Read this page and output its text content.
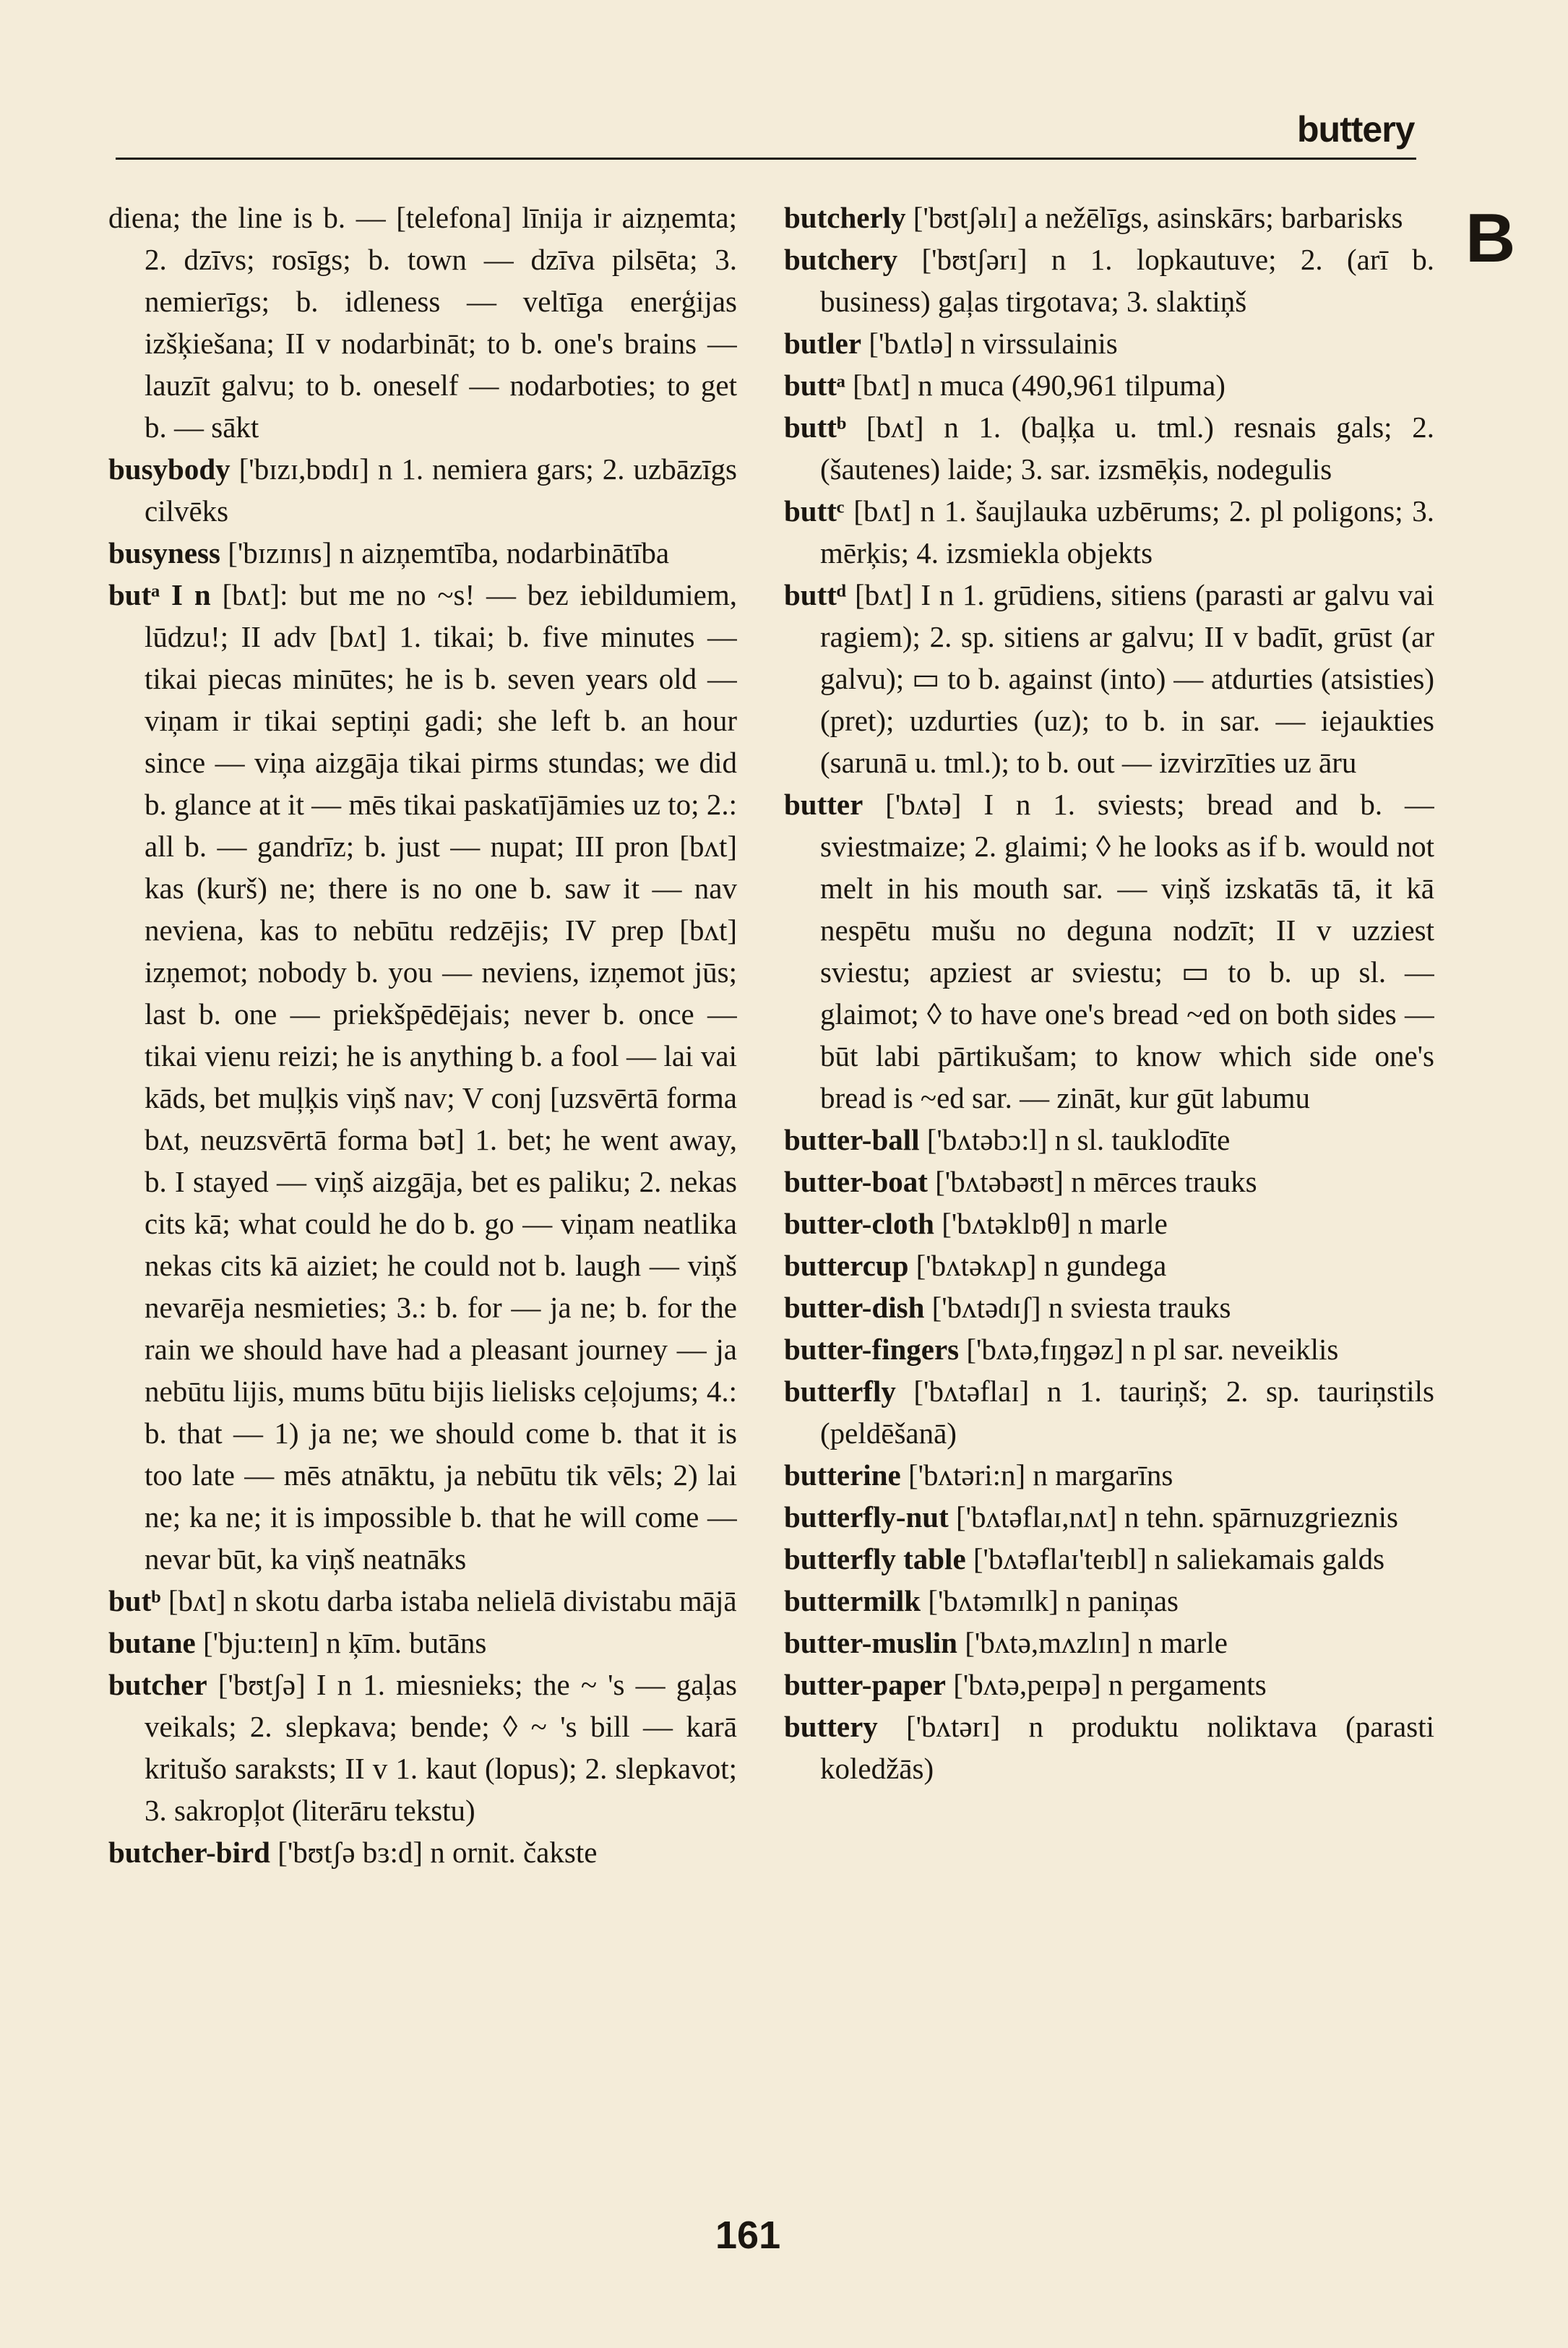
buttery
B

diena; the line is b. — [telefona] līnija ir aizņemta; 2. dzīvs; rosīgs; b. town — dzīva pilsēta; 3. nemierīgs; b. idleness — veltīga enerģijas izšķiešana; II v nodarbināt; to b. one's brains — lauzīt galvu; to b. oneself — nodarboties; to get b. — sākt

busybody ['bɪzɪ,bɒdɪ] n 1. nemiera gars; 2. uzbāzīgs cilvēks

busyness ['bɪzɪnɪs] n aizņemtība, nodarbinātība

butᵃ I n [bʌt]: but me no ~s! — bez iebildumiem, lūdzu!; II adv [bʌt] 1. tikai; b. five minutes — tikai piecas minūtes; he is b. seven years old — viņam ir tikai septiņi gadi; she left b. an hour since — viņa aizgāja tikai pirms stundas; we did b. glance at it — mēs tikai paskatījāmies uz to; 2.: all b. — gandrīz; b. just — nupat; III pron [bʌt] kas (kurš) ne; there is no one b. saw it — nav neviena, kas to nebūtu redzējis; IV prep [bʌt] izņemot; nobody b. you — neviens, izņemot jūs; last b. one — priekšpēdējais; never b. once — tikai vienu reizi; he is anything b. a fool — lai vai kāds, bet muļķis viņš nav; V conj [uzsvērtā forma bʌt, neuzsvērtā forma bət] 1. bet; he went away, b. I stayed — viņš aizgāja, bet es paliku; 2. nekas cits kā; what could he do b. go — viņam neatlika nekas cits kā aiziet; he could not b. laugh — viņš nevarēja nesmieties; 3.: b. for — ja ne; b. for the rain we should have had a pleasant journey — ja nebūtu lijis, mums būtu bijis lielisks ceļojums; 4.: b. that — 1) ja ne; we should come b. that it is too late — mēs atnāktu, ja nebūtu tik vēls; 2) lai ne; ka ne; it is impossible b. that he will come — nevar būt, ka viņš neatnāks

butᵇ [bʌt] n skotu darba istaba nelielā divistabu mājā

butane ['bju:teɪn] n ķīm. butāns

butcher ['bʊtʃə] I n 1. miesnieks; the ~ 's — gaļas veikals; 2. slepkava; bende; ◊ ~ 's bill — karā kritušo saraksts; II v 1. kaut (lopus); 2. slepkavot; 3. sakropļot (literāru tekstu)

butcher-bird ['bʊtʃə bɜ:d] n ornit. čakste

butcherly ['bʊtʃəlɪ] a nežēlīgs, asinskārs; barbarisks

butchery ['bʊtʃərɪ] n 1. lopkautuve; 2. (arī b. business) gaļas tirgotava; 3. slaktiņš

butler ['bʌtlə] n virssulainis

buttᵃ [bʌt] n muca (490,961 tilpuma)

buttᵇ [bʌt] n 1. (baļķa u. tml.) resnais gals; 2. (šautenes) laide; 3. sar. izsmēķis, nodegulis

buttᶜ [bʌt] n 1. šaujlauka uzbērums; 2. pl poligons; 3. mērķis; 4. izsmiekla objekts

buttᵈ [bʌt] I n 1. grūdiens, sitiens (parasti ar galvu vai ragiem); 2. sp. sitiens ar galvu; II v badīt, grūst (ar galvu); ▭ to b. against (into) — atdurties (atsisties) (pret); uzdurties (uz); to b. in sar. — iejaukties (sarunā u. tml.); to b. out — izvirzīties uz āru

butter ['bʌtə] I n 1. sviests; bread and b. — sviestmaize; 2. glaimi; ◊ he looks as if b. would not melt in his mouth sar. — viņš izskatās tā, it kā nespētu mušu no deguna nodzīt; II v uzziest sviestu; apziest ar sviestu; ▭ to b. up sl. — glaimot; ◊ to have one's bread ~ed on both sides — būt labi pārtikušam; to know which side one's bread is ~ed sar. — zināt, kur gūt labumu

butter-ball ['bʌtəbɔ:l] n sl. tauklodīte

butter-boat ['bʌtəbəʊt] n mērces trauks

butter-cloth ['bʌtəklɒθ] n marle

buttercup ['bʌtəkʌp] n gundega

butter-dish ['bʌtədɪʃ] n sviesta trauks

butter-fingers ['bʌtə,fɪŋgəz] n pl sar. neveiklis

butterfly ['bʌtəflaɪ] n 1. tauriņš; 2. sp. tauriņstils (peldēšanā)

butterine ['bʌtəri:n] n margarīns

butterfly-nut ['bʌtəflaɪ,nʌt] n tehn. spārnuzgrieznis

butterfly table ['bʌtəflaɪ'teɪbl] n saliekamais galds

buttermilk ['bʌtəmɪlk] n paniņas

butter-muslin ['bʌtə,mʌzlɪn] n marle

butter-paper ['bʌtə,peɪpə] n pergaments

buttery ['bʌtərɪ] n produktu noliktava (parasti koledžās)

161
